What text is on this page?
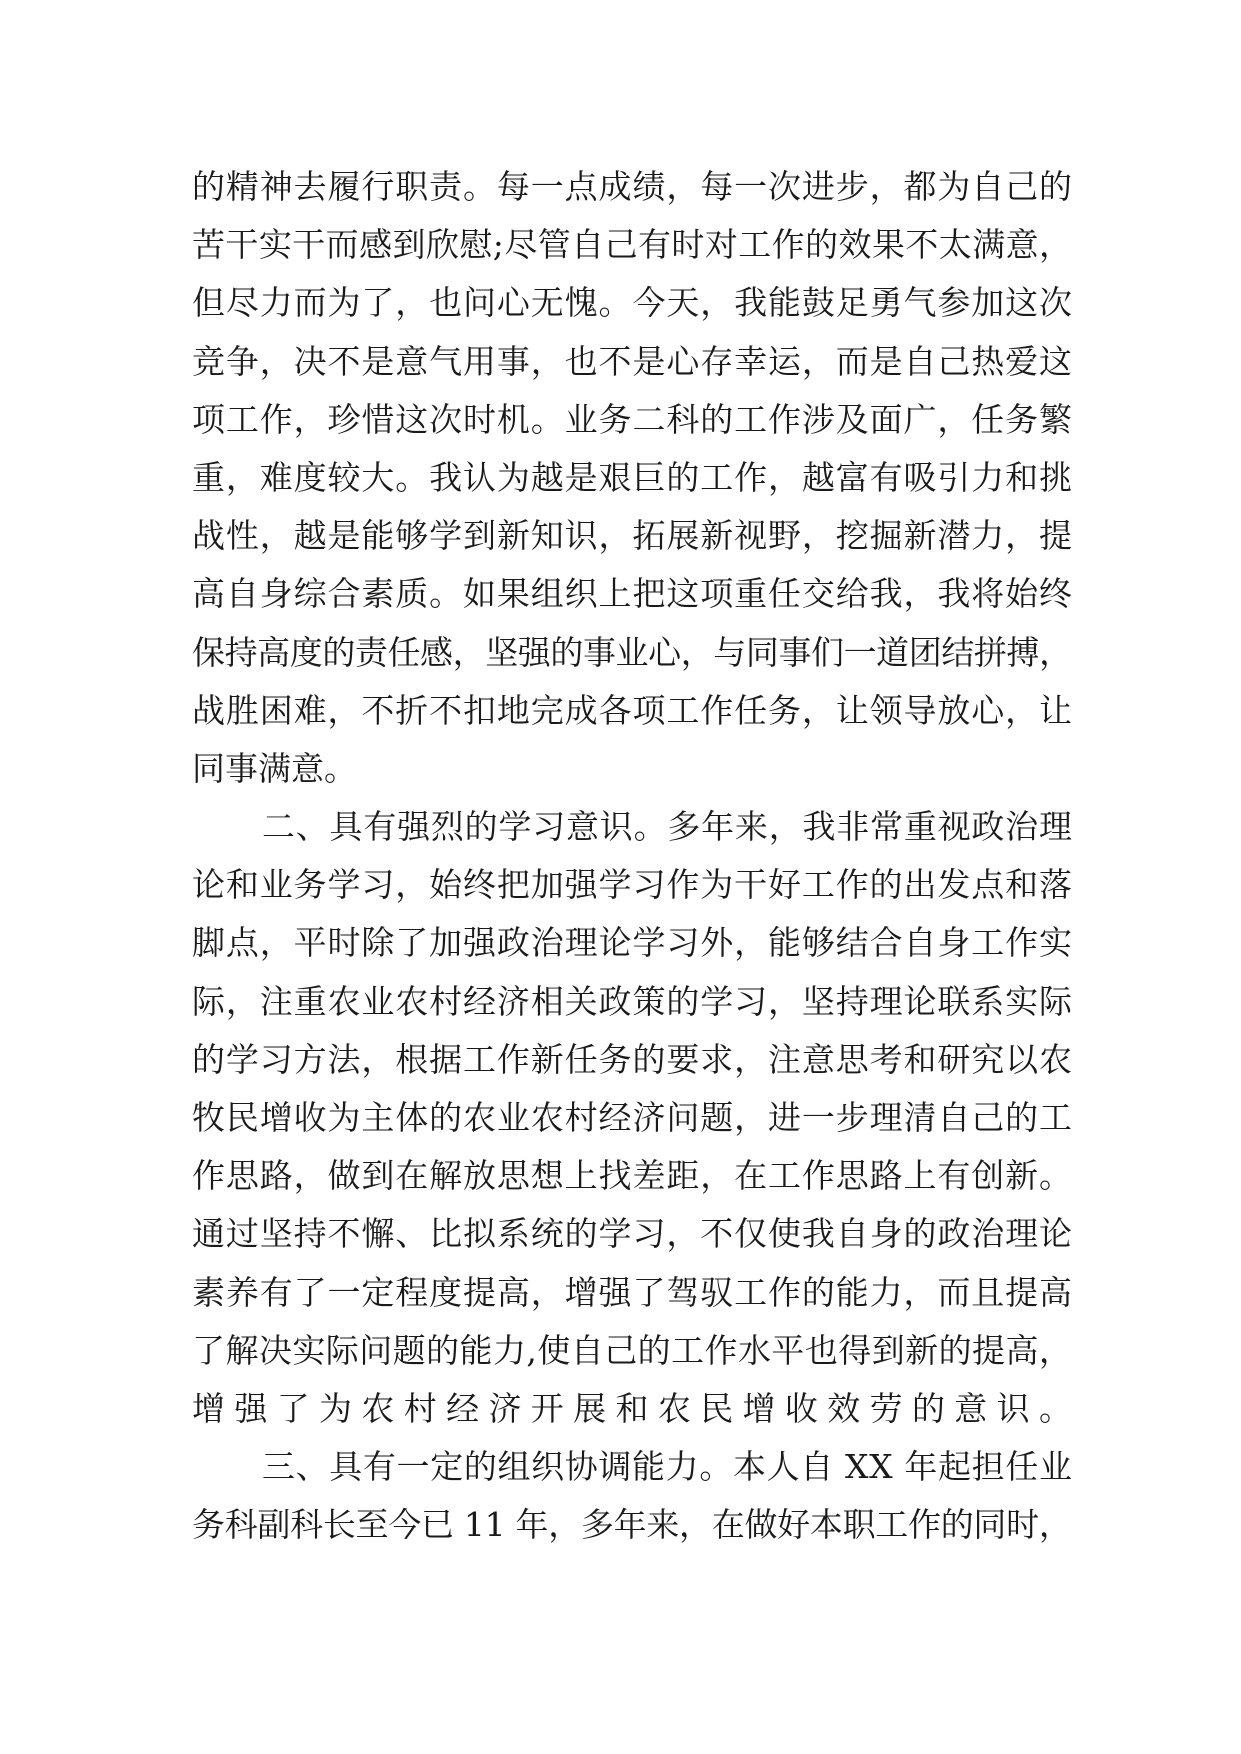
的精神去履行职责。每一点成绩，每一次进步，都为自己的
苦干实干而感到欣慰;尽管自己有时对工作的效果不太满意，
但尽力而为了，也问心无愧。今天，我能鼓足勇气参加这次
竞争，决不是意气用事，也不是心存幸运，而是自己热爱这
项工作，珍惜这次时机。业务二科的工作涉及面广，任务繁
重，难度较大。我认为越是艰巨的工作，越富有吸引力和挑
战性，越是能够学到新知识，拓展新视野，挖掘新潜力，提
高自身综合素质。如果组织上把这项重任交给我，我将始终
保持高度的责任感，坚强的事业心，与同事们一道团结拼搏，
战胜困难，不折不扣地完成各项工作任务，让领导放心，让
同事满意。
二、具有强烈的学习意识。多年来，我非常重视政治理
论和业务学习，始终把加强学习作为干好工作的出发点和落
脚点，平时除了加强政治理论学习外，能够结合自身工作实
际，注重农业农村经济相关政策的学习，坚持理论联系实际
的学习方法，根据工作新任务的要求，注意思考和研究以农
牧民增收为主体的农业农村经济问题，进一步理清自己的工
作思路，做到在解放思想上找差距，在工作思路上有创新。
通过坚持不懈、比拟系统的学习，不仅使我自身的政治理论
素养有了一定程度提高，增强了驾驭工作的能力，而且提高
了解决实际问题的能力,使自己的工作水平也得到新的提高，
增强了为农村经济开展和农民增收效劳的意识。
三、具有一定的组织协调能力。本人自 XX 年起担任业
务科副科长至今已 11 年，多年来，在做好本职工作的同时，
